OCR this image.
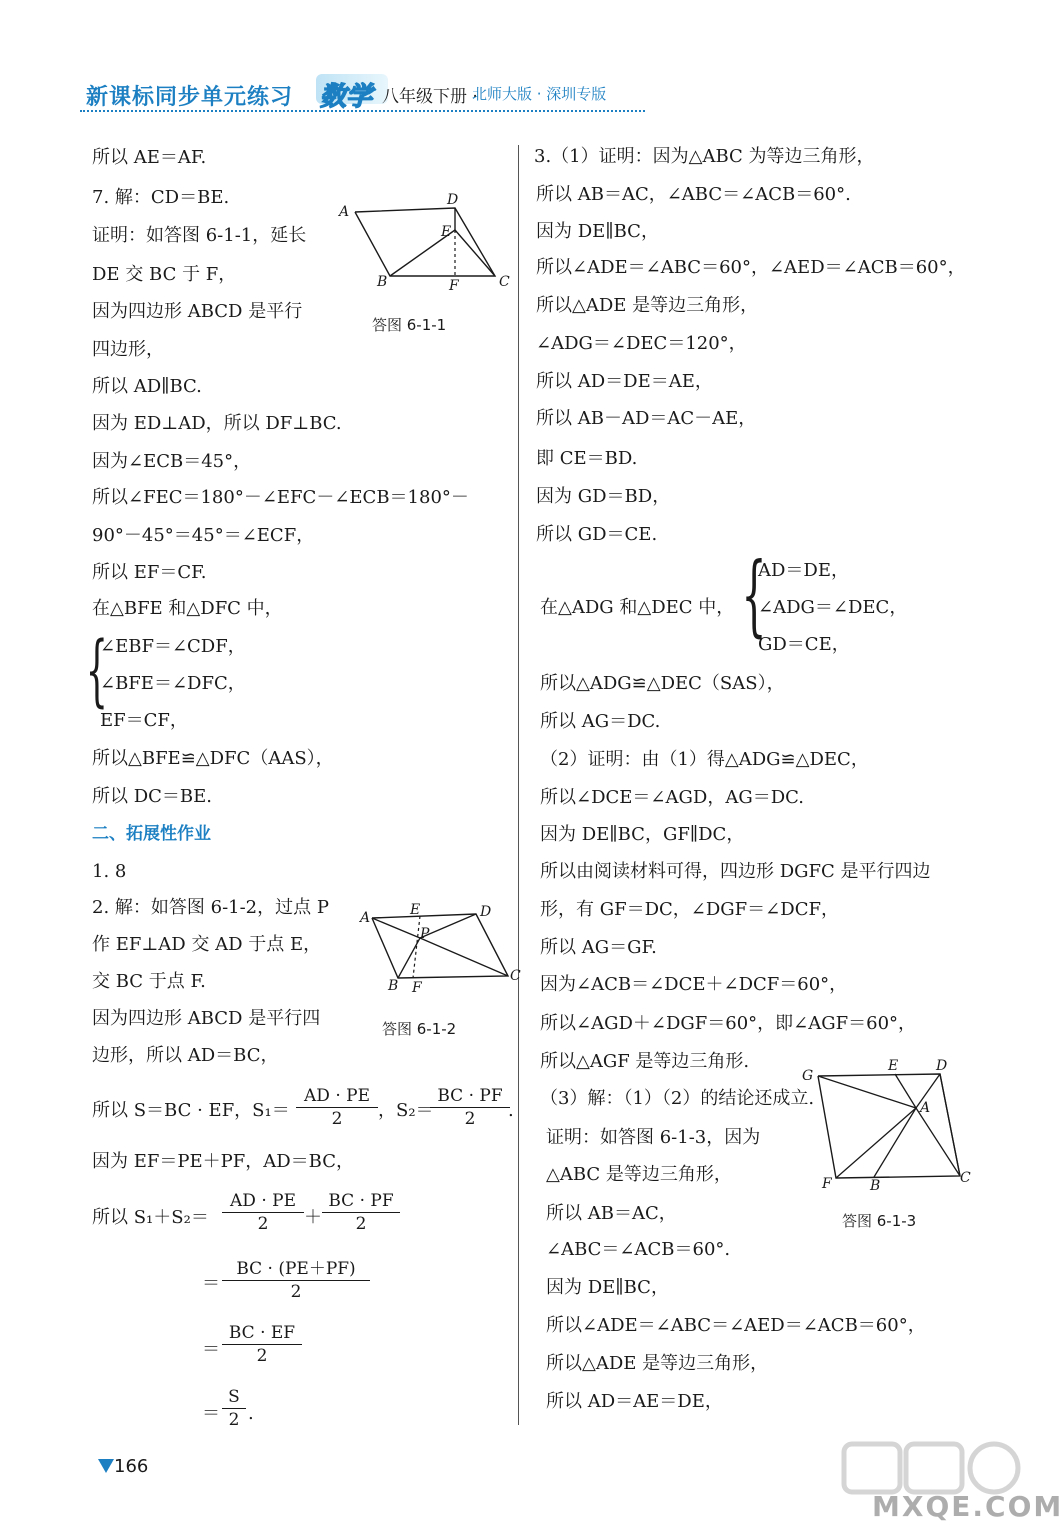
新课标同步单元练习 数学 八年级下册 ·
北师大版 · 深圳专版
所以 AE＝AF.
7. 解：CD＝BE.
证明：如答图 6-1-1，延长
DE 交 BC 于 F，
因为四边形 ABCD 是平行
四边形，
所以 AD∥BC.
因为 ED⊥AD，所以 DF⊥BC.
因为∠ECB＝45°，
所以∠FEC＝180°－∠EFC－∠ECB＝180°－
90°－45°＝45°＝∠ECF，
所以 EF＝CF.
在△BFE 和△DFC 中，
{
∠EBF＝∠CDF，
∠BFE＝∠DFC，
EF＝CF，
所以△BFE≌△DFC（AAS），
所以 DC＝BE.
二、拓展性作业
1. 8
2. 解：如答图 6-1-2，过点 P
作 EF⊥AD 交 AD 于点 E，
交 BC 于点 F.
因为四边形 ABCD 是平行四
边形，所以 AD＝BC，
所以 S＝BC · EF，$S_1= \frac{AD \cdot PE}{2}$ ，S₂＝
$\frac{BC \cdot PF}{2}$
.
因为 EF＝PE＋PF，AD＝BC，
所以 $S_1+S_2= \frac{AD \cdot PE}{2} + \frac{BC \cdot PF}{2}$
＝ $\frac{BC \cdot (PE+PF)}{2}$
＝ $\frac{BC \cdot EF}{2}$
＝ $\frac{S}{2}$ .
A
D
E
B	F	C
答图 6-1-1
A	E	D
P
B F
C
答图 6-1-2
3.（1）证明：因为△ABC 为等边三角形，
所以 AB＝AC，∠ABC＝∠ACB＝60°.
因为 DE∥BC，
所以∠ADE＝∠ABC＝60°，∠AED＝∠ACB＝60°，
所以△ADE 是等边三角形，
∠ADG＝∠DEC＝120°，
所以 AD＝DE＝AE，
所以 AB－AD＝AC－AE，
即 CE＝BD.
因为 GD＝BD，
所以 GD＝CE.
在△ADG 和△DEC 中， {
AD＝DE，
∠ADG＝∠DEC，
GD＝CE，
所以△ADG≌△DEC（SAS），
所以 AG＝DC.
（2）证明：由（1）得△ADG≌△DEC，
所以∠DCE＝∠AGD，AG＝DC.
因为 DE∥BC，GF∥DC，
所以由阅读材料可得，四边形 DGFC 是平行四边
形，有 GF＝DC，∠DGF＝∠DCF，
所以 AG＝GF.
因为∠ACB＝∠DCE＋∠DCF＝60°，
所以∠AGD＋∠DGF＝60°，即∠AGF＝60°，
所以△AGF 是等边三角形.
（3）解：（1）（2）的结论还成立.
证明：如答图 6-1-3，因为
△ABC 是等边三角形，
所以 AB＝AC，
∠ABC＝∠ACB＝60°.
因为 DE∥BC，
所以∠ADE＝∠ABC＝∠AED＝∠ACB＝60°，
所以△ADE 是等边三角形，
所以 AD＝AE＝DE，
G
E	D
A
F	B	C
答图 6-1-3
166
MXQE.COM
